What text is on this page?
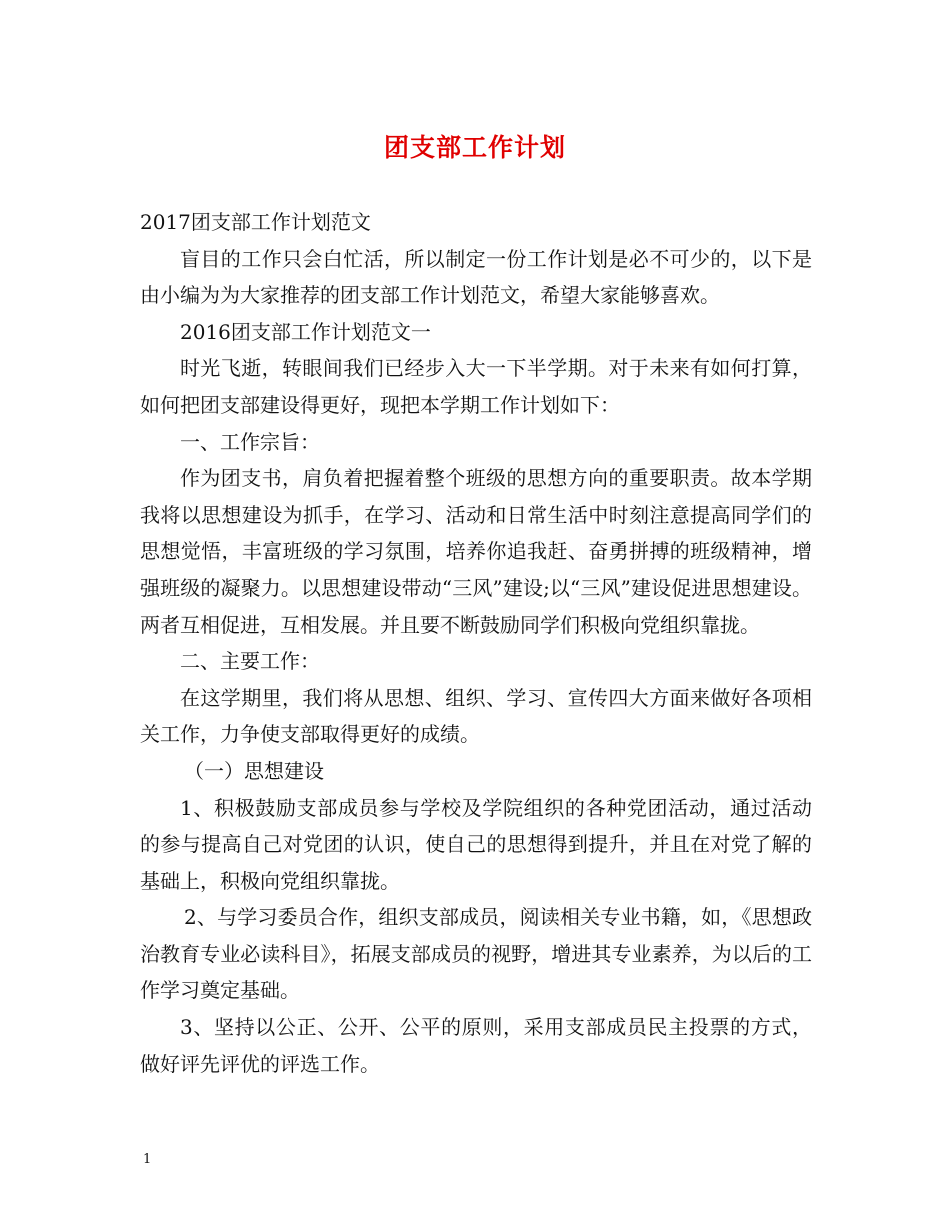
团支部工作计划

2017团支部工作计划范文

盲目的工作只会白忙活，所以制定一份工作计划是必不可少的，以下是由小编为为大家推荐的团支部工作计划范文，希望大家能够喜欢。

2016团支部工作计划范文一

时光飞逝，转眼间我们已经步入大一下半学期。对于未来有如何打算，如何把团支部建设得更好，现把本学期工作计划如下：

一、工作宗旨：

作为团支书，肩负着把握着整个班级的思想方向的重要职责。故本学期我将以思想建设为抓手，在学习、活动和日常生活中时刻注意提高同学们的思想觉悟，丰富班级的学习氛围，培养你追我赶、奋勇拼搏的班级精神，增强班级的凝聚力。以思想建设带动“三风”建设;以“三风”建设促进思想建设。两者互相促进，互相发展。并且要不断鼓励同学们积极向党组织靠拢。

二、主要工作：

在这学期里，我们将从思想、组织、学习、宣传四大方面来做好各项相关工作，力争使支部取得更好的成绩。

（一）思想建设

1、积极鼓励支部成员参与学校及学院组织的各种党团活动，通过活动的参与提高自己对党团的认识，使自己的思想得到提升，并且在对党了解的基础上，积极向党组织靠拢。

2、与学习委员合作，组织支部成员，阅读相关专业书籍，如，《思想政治教育专业必读科目》，拓展支部成员的视野，增进其专业素养，为以后的工作学习奠定基础。

3、坚持以公正、公开、公平的原则，采用支部成员民主投票的方式，做好评先评优的评选工作。

1
